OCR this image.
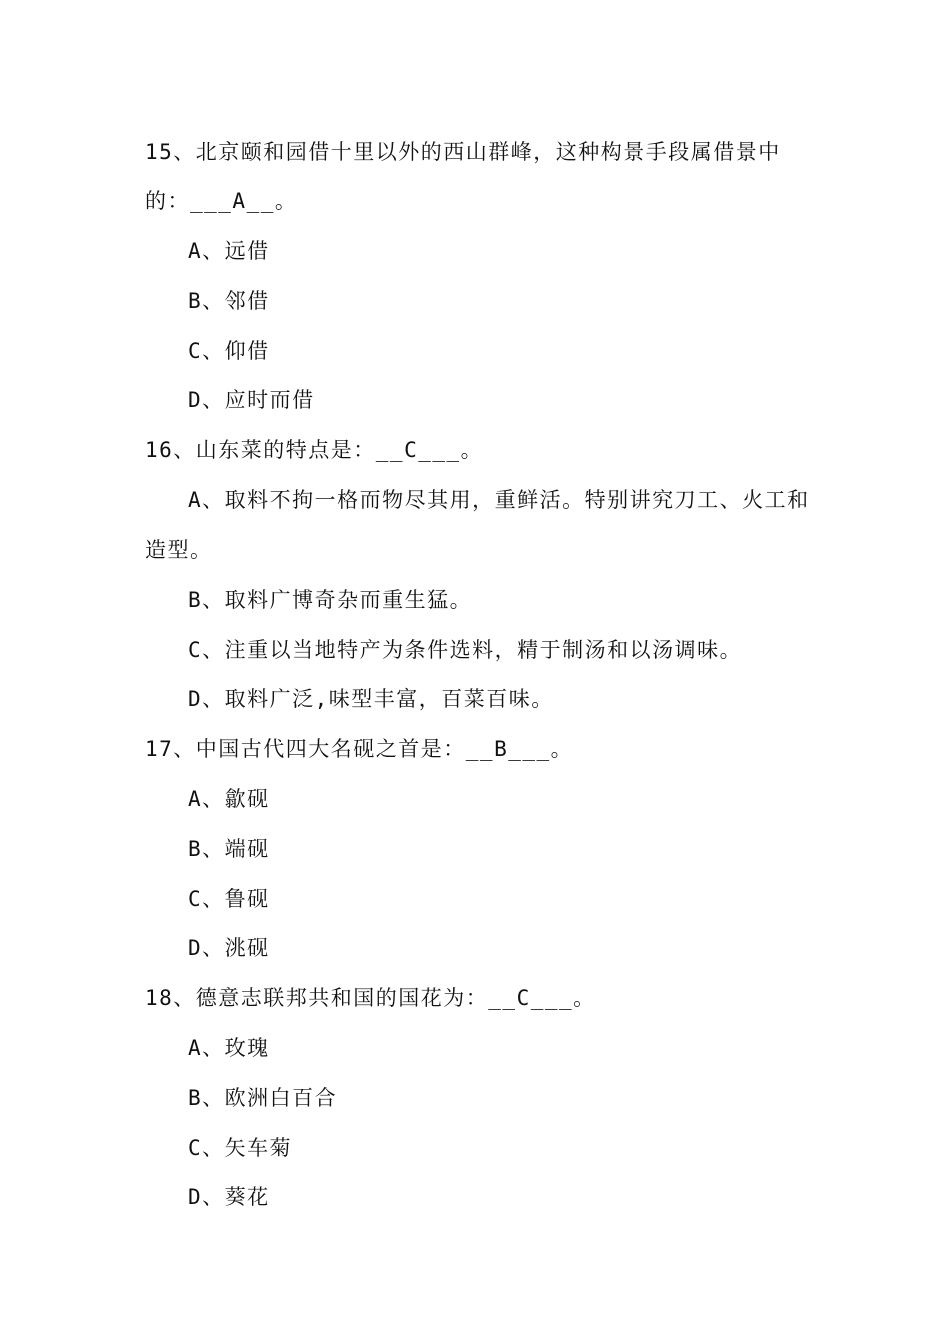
15、北京颐和园借十里以外的西山群峰，这种构景手段属借景中
的：___A__。
A、远借
B、邻借
C、仰借
D、应时而借
16、山东菜的特点是：__C___。
A、取料不拘一格而物尽其用，重鲜活。特别讲究刀工、火工和
造型。
B、取料广博奇杂而重生猛。
C、注重以当地特产为条件选料，精于制汤和以汤调味。
D、取料广泛,味型丰富，百菜百味。
17、中国古代四大名砚之首是：__B___。
A、歙砚
B、端砚
C、鲁砚
D、洮砚
18、德意志联邦共和国的国花为：__C___。
A、玫瑰
B、欧洲白百合
C、矢车菊
D、葵花
